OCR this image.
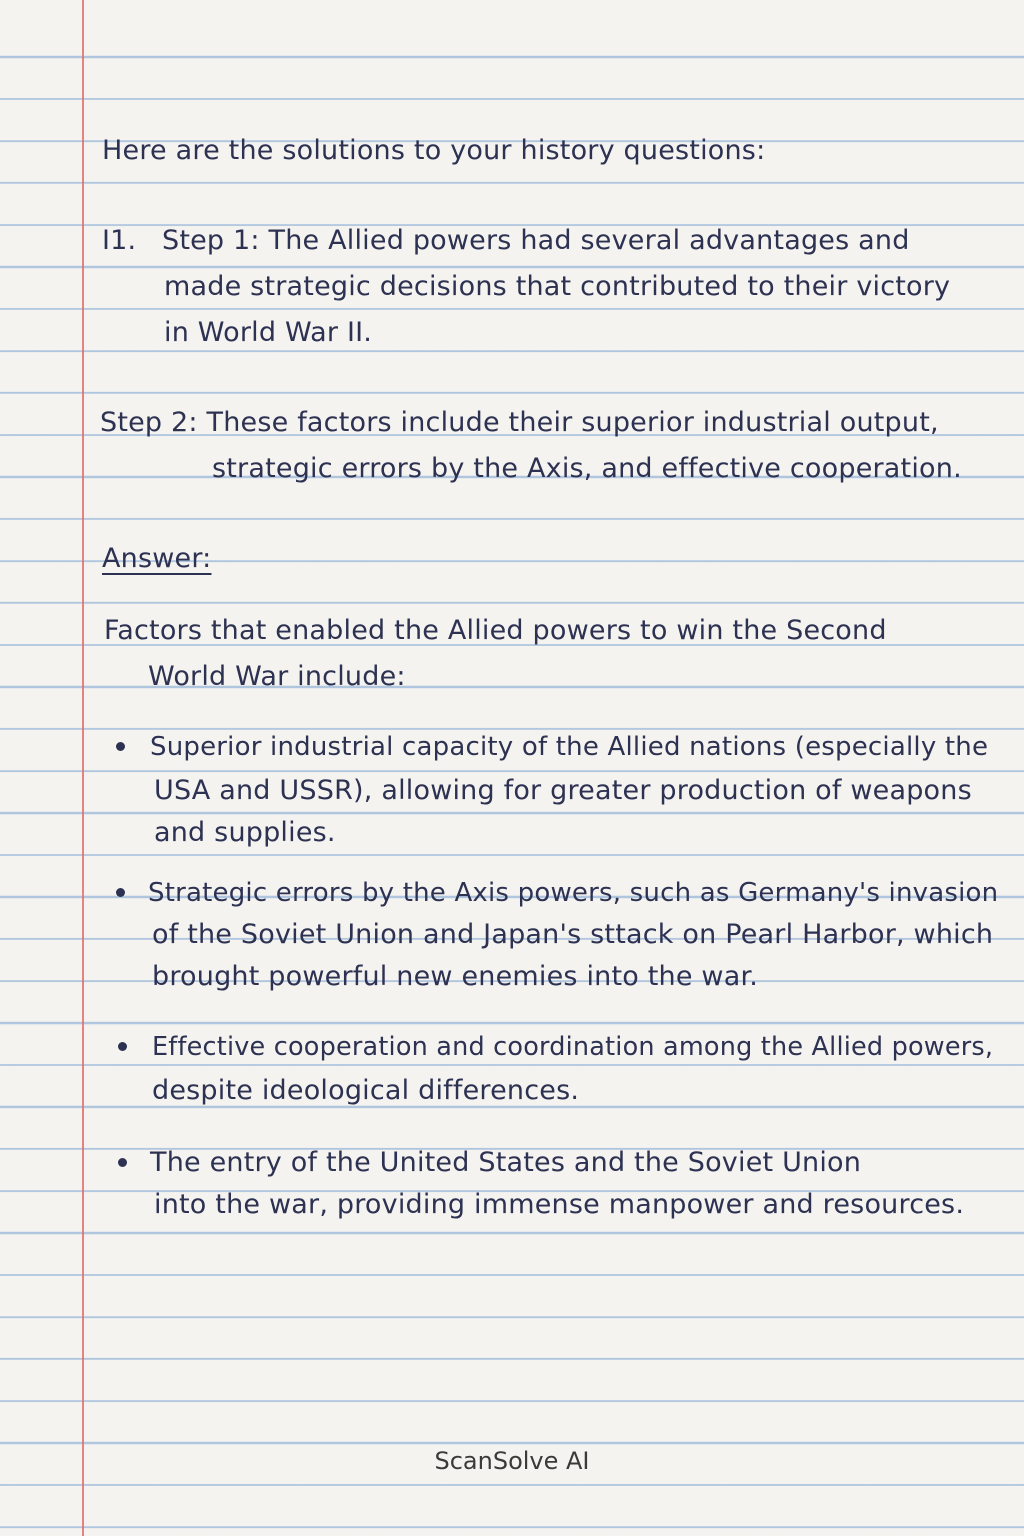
Here are the solutions to your history questions:
I1. Step 1: The Allied powers had several advantages and
made strategic decisions that contributed to their victory
in World War II.
Step 2: These factors include their superior industrial output,
strategic errors by the Axis, and effective cooperation.
Answer:
Factors that enabled the Allied powers to win the Second
World War include:
Superior industrial capacity of the Allied nations (especially the
USA and USSR), allowing for greater production of weapons
and supplies.
Strategic errors by the Axis powers, such as Germany's invasion
of the Soviet Union and Japan's sttack on Pearl Harbor, which
brought powerful new enemies into the war.
Effective cooperation and coordination among the Allied powers,
despite ideological differences.
The entry of the United States and the Soviet Union
into the war, providing immense manpower and resources.
ScanSolve AI
